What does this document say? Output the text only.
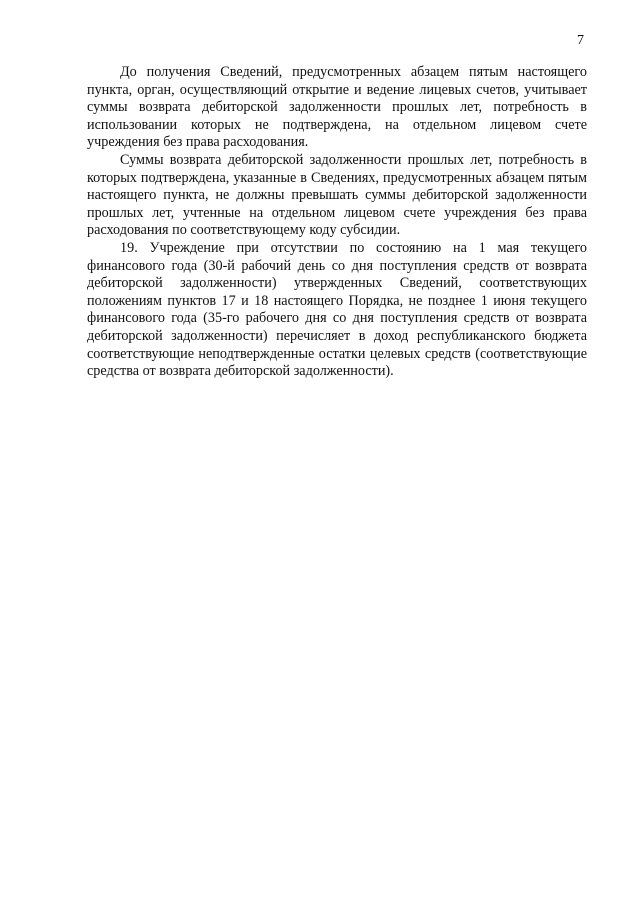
7

До получения Сведений, предусмотренных абзацем пятым настоящего пункта, орган, осуществляющий открытие и ведение лицевых счетов, учитывает суммы возврата дебиторской задолженности прошлых лет, потребность в использовании которых не подтверждена, на отдельном лицевом счете учреждения без права расходования.

Суммы возврата дебиторской задолженности прошлых лет, потребность в которых подтверждена, указанные в Сведениях, предусмотренных абзацем пятым настоящего пункта, не должны превышать суммы дебиторской задолженности прошлых лет, учтенные на отдельном лицевом счете учреждения без права расходования по соответствующему коду субсидии.

19. Учреждение при отсутствии по состоянию на 1 мая текущего финансового года (30-й рабочий день со дня поступления средств от возврата дебиторской задолженности) утвержденных Сведений, соответствующих положениям пунктов 17 и 18 настоящего Порядка, не позднее 1 июня текущего финансового года (35-го рабочего дня со дня поступления средств от возврата дебиторской задолженности) перечисляет в доход республиканского бюджета соответствующие неподтвержденные остатки целевых средств (соответствующие средства от возврата дебиторской задолженности).
